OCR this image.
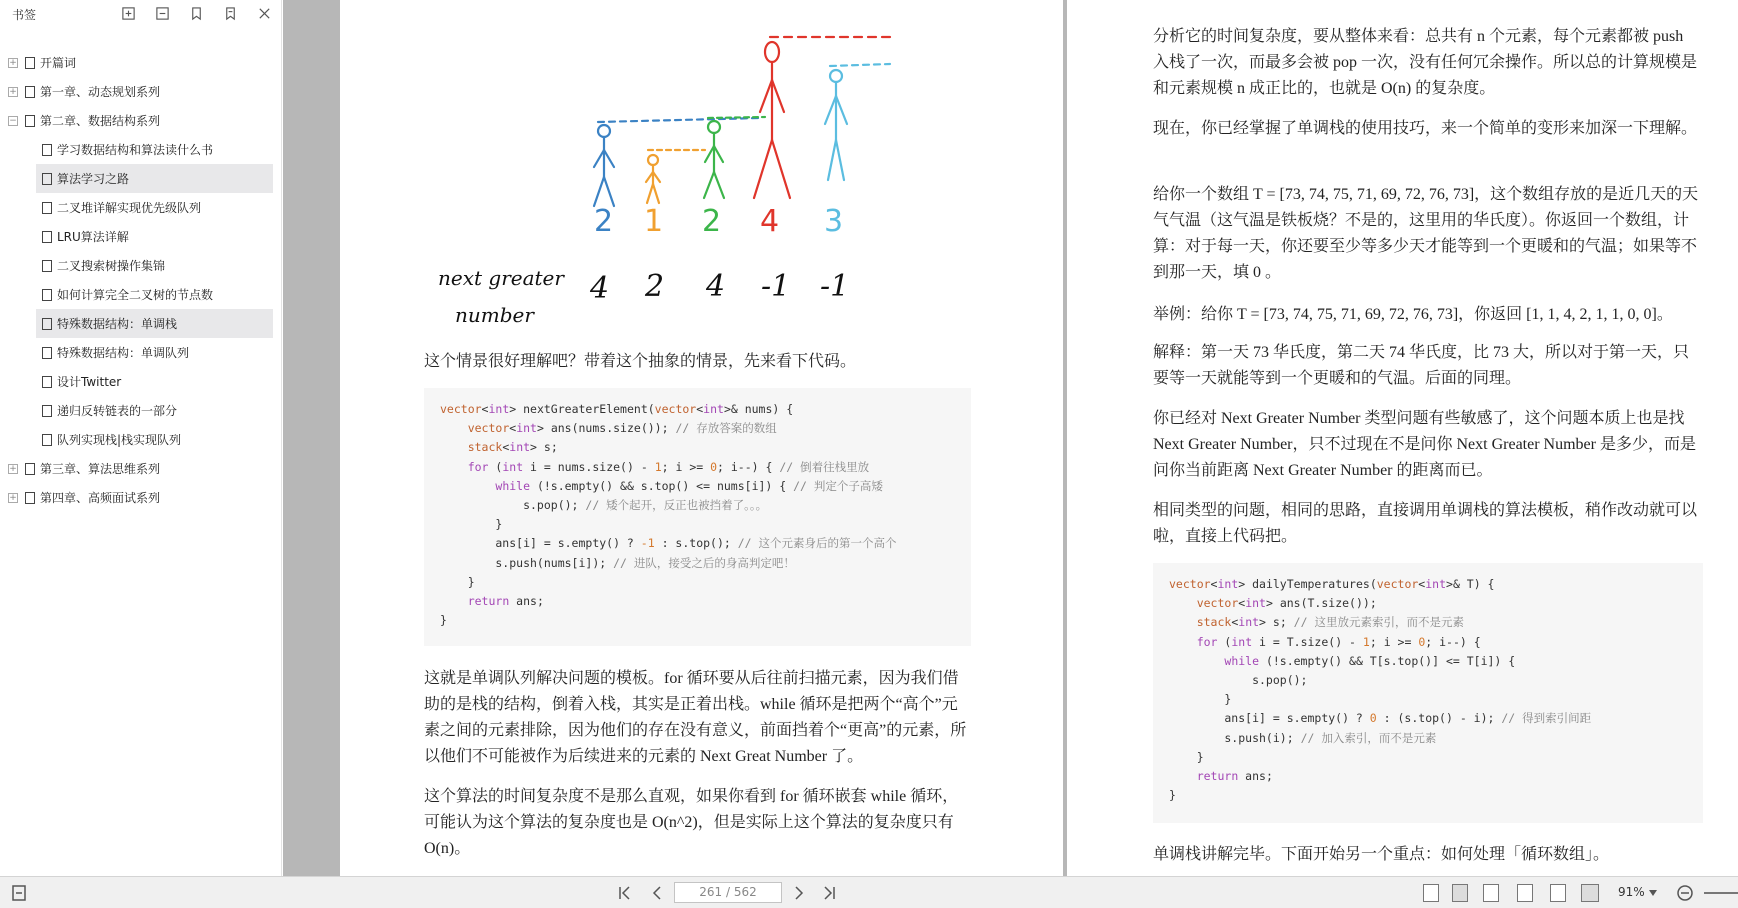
书签
+ 开篇词
+ 第一章、动态规划系列
− 第二章、数据结构系列
学习数据结构和算法读什么书
算法学习之路
二叉堆详解实现优先级队列
LRU算法详解
二叉搜索树操作集锦
如何计算完全二叉树的节点数
特殊数据结构：单调栈
特殊数据结构：单调队列
设计Twitter
递归反转链表的一部分
队列实现栈|栈实现队列
+ 第三章、算法思维系列
+ 第四章、高频面试系列
2 1 2 4 3
next greater
number
4 2 4 -1 -1
这个情景很好理解吧？带着这个抽象的情景，先来看下代码。
vector<int> nextGreaterElement(vector<int>& nums) {
vector<int> ans(nums.size()); // 存放答案的数组
stack<int> s;
for (int i = nums.size() - 1; i >= 0; i--) { // 倒着往栈里放
while (!s.empty() && s.top() <= nums[i]) { // 判定个子高矮
s.pop(); // 矮个起开，反正也被挡着了。。。
}
ans[i] = s.empty() ? -1 : s.top(); // 这个元素身后的第一个高个
s.push(nums[i]); // 进队，接受之后的身高判定吧！
}
return ans;
}
这就是单调队列解决问题的模板。for 循环要从后往前扫描元素，因为我们借助的是栈的结构，倒着入栈，其实是正着出栈。while 循环是把两个“高个”元素之间的元素排除，因为他们的存在没有意义，前面挡着个“更高”的元素，所以他们不可能被作为后续进来的元素的 Next Great Number 了。
这个算法的时间复杂度不是那么直观，如果你看到 for 循环嵌套 while 循环，可能认为这个算法的复杂度也是 O(n^2)，但是实际上这个算法的复杂度只有 O(n)。
分析它的时间复杂度，要从整体来看：总共有 n 个元素，每个元素都被 push 入栈了一次，而最多会被 pop 一次，没有任何冗余操作。所以总的计算规模是和元素规模 n 成正比的，也就是 O(n) 的复杂度。
现在，你已经掌握了单调栈的使用技巧，来一个简单的变形来加深一下理解。
给你一个数组 T = [73, 74, 75, 71, 69, 72, 76, 73]，这个数组存放的是近几天的天气气温（这气温是铁板烧？不是的，这里用的华氏度）。你返回一个数组，计算：对于每一天，你还要至少等多少天才能等到一个更暖和的气温；如果等不到那一天，填 0 。
举例：给你 T = [73, 74, 75, 71, 69, 72, 76, 73]，你返回 [1, 1, 4, 2, 1, 1, 0, 0]。
解释：第一天 73 华氏度，第二天 74 华氏度，比 73 大，所以对于第一天，只要等一天就能等到一个更暖和的气温。后面的同理。
你已经对 Next Greater Number 类型问题有些敏感了，这个问题本质上也是找 Next Greater Number，只不过现在不是问你 Next Greater Number 是多少，而是问你当前距离 Next Greater Number 的距离而已。
相同类型的问题，相同的思路，直接调用单调栈的算法模板，稍作改动就可以啦，直接上代码把。
vector<int> dailyTemperatures(vector<int>& T) {
vector<int> ans(T.size());
stack<int> s; // 这里放元素索引，而不是元素
for (int i = T.size() - 1; i >= 0; i--) {
while (!s.empty() && T[s.top()] <= T[i]) {
s.pop();
}
ans[i] = s.empty() ? 0 : (s.top() - i); // 得到索引间距
s.push(i); // 加入索引，而不是元素
}
return ans;
}
单调栈讲解完毕。下面开始另一个重点：如何处理「循环数组」。
261 / 562	91%
